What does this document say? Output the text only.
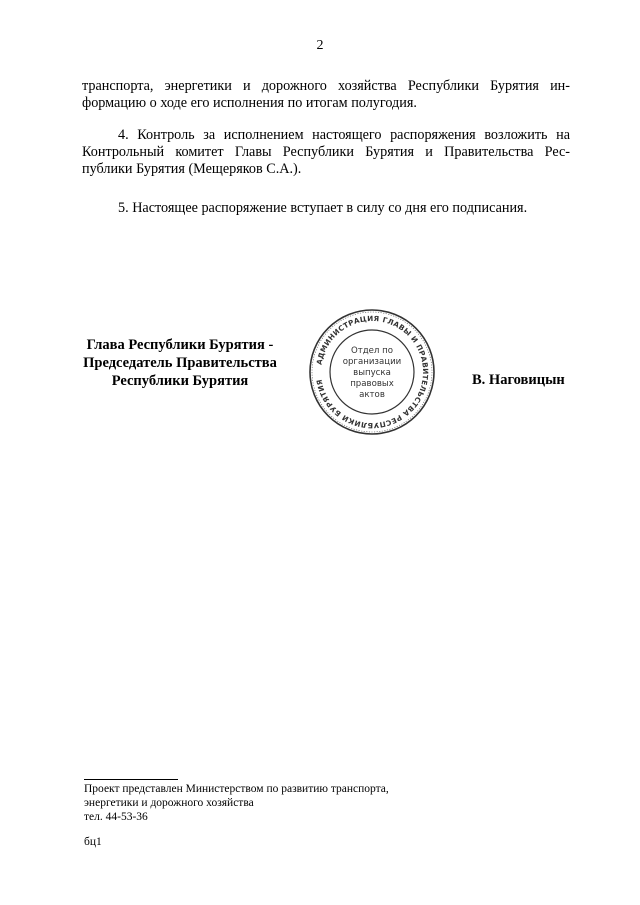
2
транспорта, энергетики и дорожного хозяйства Республики Бурятия ин-
формацию о ходе его исполнения по итогам полугодия.
4. Контроль за исполнением настоящего распоряжения возложить на
Контрольный комитет Главы Республики Бурятия и Правительства Рес-
публики Бурятия (Мещеряков С.А.).
5. Настоящее распоряжение вступает в силу со дня его подписания.
Глава Республики Бурятия -
Председатель Правительства
Республики Бурятия
АДМИНИСТРАЦИЯ ГЛАВЫ И ПРАВИТЕЛЬСТВА РЕСПУБЛИКИ БУРЯТИЯ
Отдел по
организации
выпуска
правовых
актов
В. Наговицын
Проект представлен Министерством по развитию транспорта,
энергетики и дорожного хозяйства
тел. 44-53-36
бц1
